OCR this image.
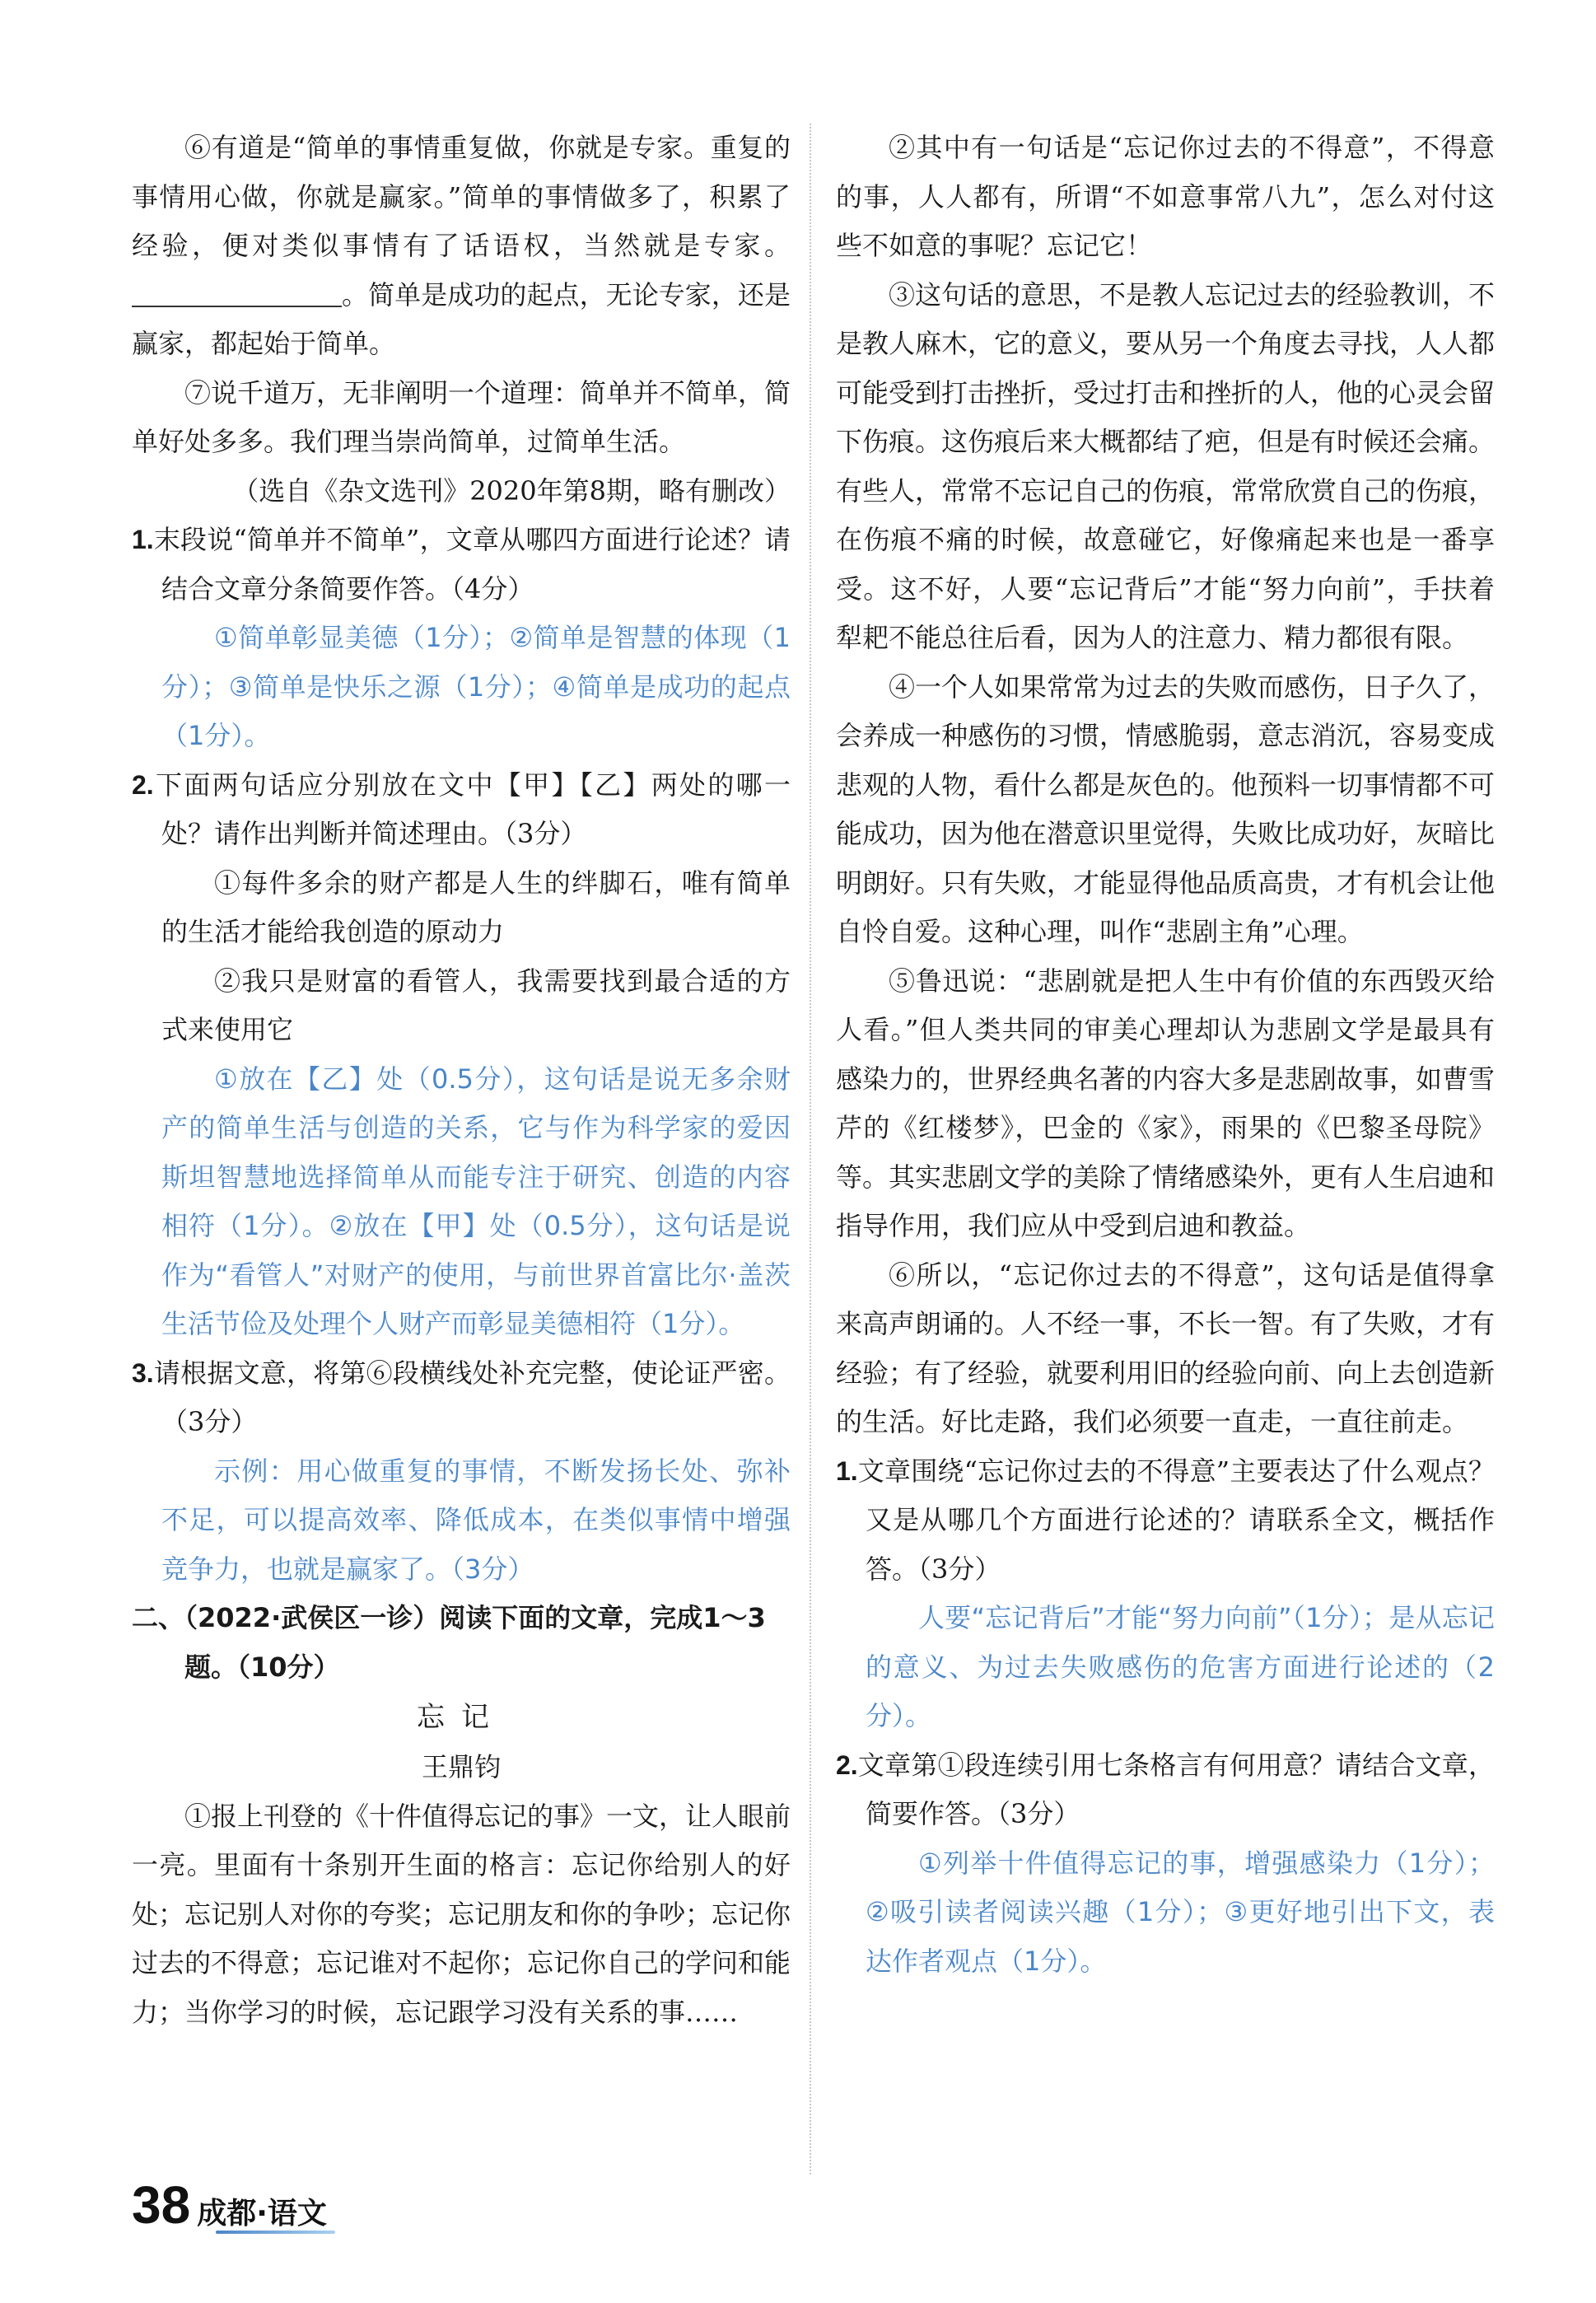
⑥有道是“简单的事情重复做，你就是专家。重复的事情用心做，你就是赢家。”简单的事情做多了，积累了经验，便对类似事情有了话语权，当然就是专家。。简单是成功的起点，无论专家，还是赢家，都起始于简单。

⑦说千道万，无非阐明一个道理：简单并不简单，简单好处多多。我们理当崇尚简单，过简单生活。

（选自《杂文选刊》2020年第8期，略有删改）

1.末段说“简单并不简单”，文章从哪四方面进行论述？请结合文章分条简要作答。（4分）

①简单彰显美德（1分）；②简单是智慧的体现（1分）；③简单是快乐之源（1分）；④简单是成功的起点（1分）。

2.下面两句话应分别放在文中【甲】【乙】两处的哪一处？请作出判断并简述理由。（3分）

①每件多余的财产都是人生的绊脚石，唯有简单的生活才能给我创造的原动力

②我只是财富的看管人，我需要找到最合适的方式来使用它

①放在【乙】处（0.5分），这句话是说无多余财产的简单生活与创造的关系，它与作为科学家的爱因斯坦智慧地选择简单从而能专注于研究、创造的内容相符（1分）。②放在【甲】处（0.5分），这句话是说作为“看管人”对财产的使用，与前世界首富比尔·盖茨生活节俭及处理个人财产而彰显美德相符（1分）。

3.请根据文意，将第⑥段横线处补充完整，使论证严密。（3分）

示例：用心做重复的事情，不断发扬长处、弥补不足，可以提高效率、降低成本，在类似事情中增强竞争力，也就是赢家了。（3分）

二、（2022·武侯区一诊）阅读下面的文章，完成1～3题。（10分）

忘记

王鼎钧

①报上刊登的《十件值得忘记的事》一文，让人眼前一亮。里面有十条别开生面的格言：忘记你给别人的好处；忘记别人对你的夸奖；忘记朋友和你的争吵；忘记你过去的不得意；忘记谁对不起你；忘记你自己的学问和能力；当你学习的时候，忘记跟学习没有关系的事……

②其中有一句话是“忘记你过去的不得意”，不得意的事，人人都有，所谓“不如意事常八九”，怎么对付这些不如意的事呢？忘记它！

③这句话的意思，不是教人忘记过去的经验教训，不是教人麻木，它的意义，要从另一个角度去寻找，人人都可能受到打击挫折，受过打击和挫折的人，他的心灵会留下伤痕。这伤痕后来大概都结了疤，但是有时候还会痛。有些人，常常不忘记自己的伤痕，常常欣赏自己的伤痕，在伤痕不痛的时候，故意碰它，好像痛起来也是一番享受。这不好，人要“忘记背后”才能“努力向前”，手扶着犁耙不能总往后看，因为人的注意力、精力都很有限。

④一个人如果常常为过去的失败而感伤，日子久了，会养成一种感伤的习惯，情感脆弱，意志消沉，容易变成悲观的人物，看什么都是灰色的。他预料一切事情都不可能成功，因为他在潜意识里觉得，失败比成功好，灰暗比明朗好。只有失败，才能显得他品质高贵，才有机会让他自怜自爱。这种心理，叫作“悲剧主角”心理。

⑤鲁迅说：“悲剧就是把人生中有价值的东西毁灭给人看。”但人类共同的审美心理却认为悲剧文学是最具有感染力的，世界经典名著的内容大多是悲剧故事，如曹雪芹的《红楼梦》，巴金的《家》，雨果的《巴黎圣母院》等。其实悲剧文学的美除了情绪感染外，更有人生启迪和指导作用，我们应从中受到启迪和教益。

⑥所以，“忘记你过去的不得意”，这句话是值得拿来高声朗诵的。人不经一事，不长一智。有了失败，才有经验；有了经验，就要利用旧的经验向前、向上去创造新的生活。好比走路，我们必须要一直走，一直往前走。

1.文章围绕“忘记你过去的不得意”主要表达了什么观点？又是从哪几个方面进行论述的？请联系全文，概括作答。（3分）

人要“忘记背后”才能“努力向前”（1分）；是从忘记的意义、为过去失败感伤的危害方面进行论述的（2分）。

2.文章第①段连续引用七条格言有何用意？请结合文章，简要作答。（3分）

①列举十件值得忘记的事，增强感染力（1分）；②吸引读者阅读兴趣（1分）；③更好地引出下文，表达作者观点（1分）。

38 成都·语文
